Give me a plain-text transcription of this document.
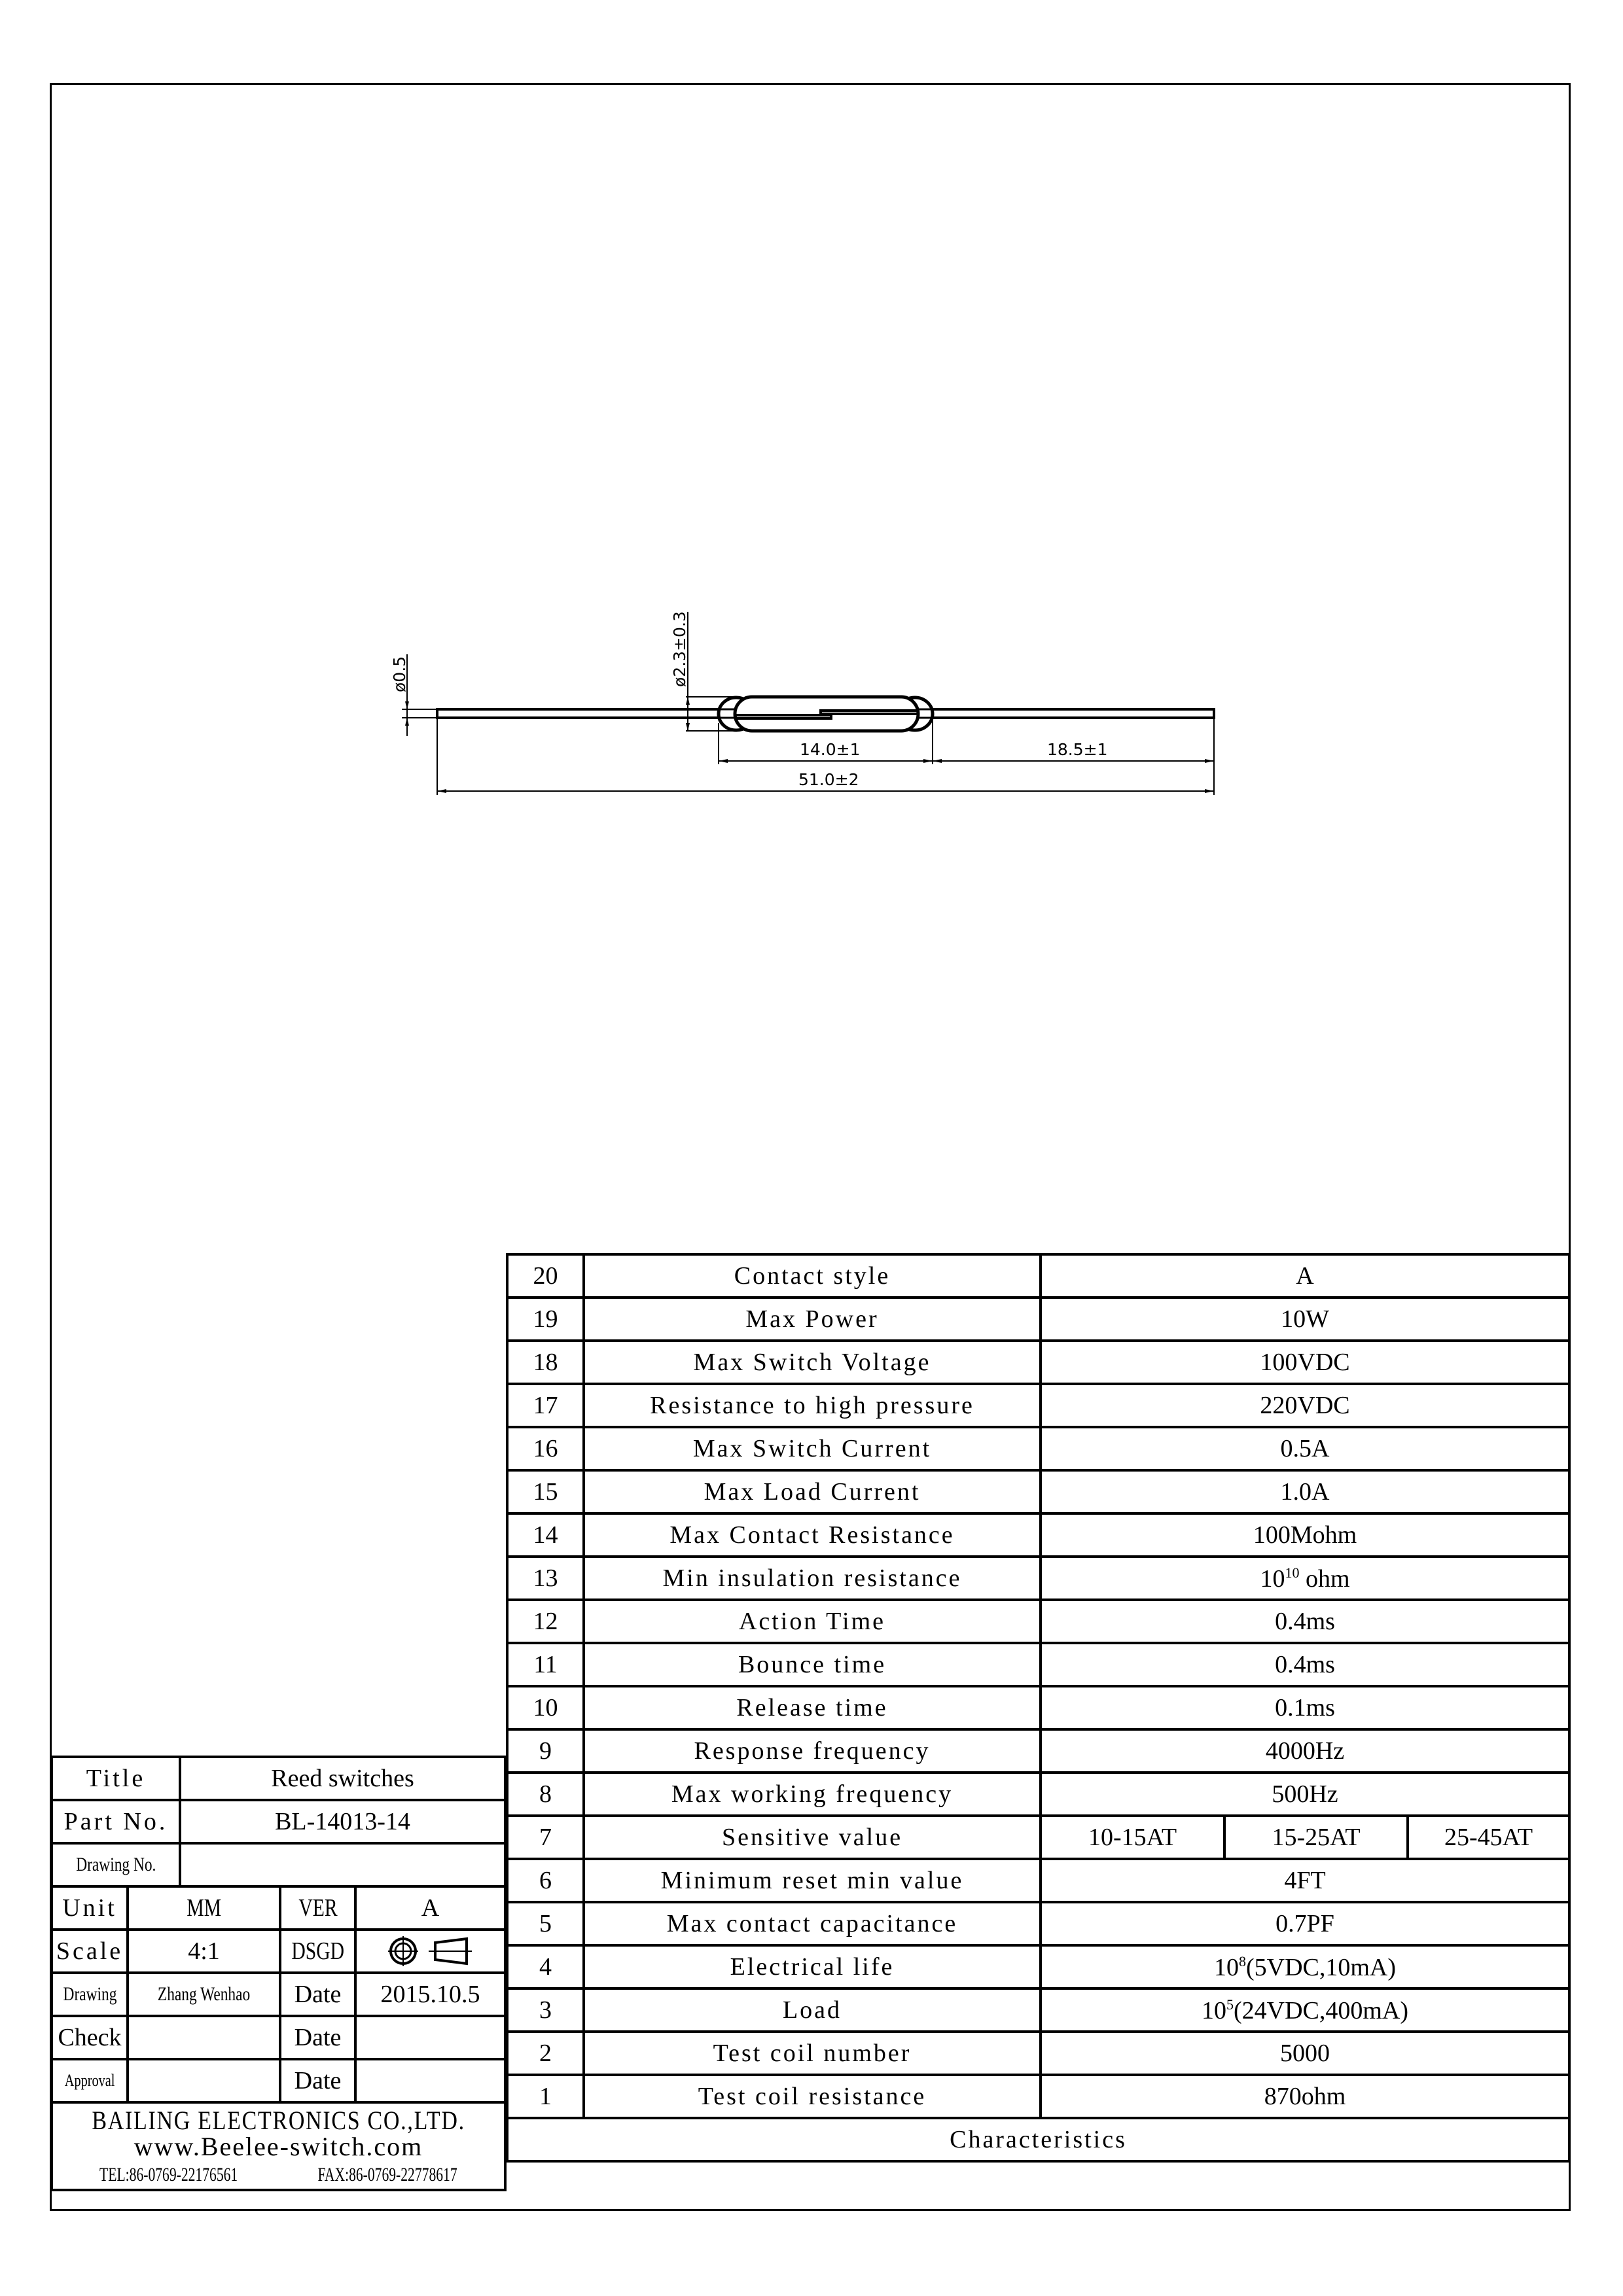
ø0.5	ø2.3±0.3
14.0±1	18.5±1
51.0±2
20	Contact style	A		
19	Max Power	10W		
18	Max Switch Voltage	100VDC		
17	Resistance to high pressure	220VDC		
16	Max Switch Current	0.5A		
15	Max Load Current	1.0A		
14	Max Contact Resistance	100Mohm		
13	Min insulation resistance	$10^{10}$ ohm		
12	Action Time	0.4ms		
11	Bounce time	0.4ms		
10	Release time	0.1ms		
9	Response frequency	4000Hz		
8	Max working frequency	500Hz		
7	Sensitive value	10-15AT	15-25AT	25-45AT
6	Minimum reset min value	4FT		
5	Max contact capacitance	0.7PF		
4	Electrical life	$10^8(5VDC,10mA)$		
3	Load	$10^5(24VDC,400mA)$		
2	Test coil number	5000		
1	Test coil resistance	870ohm		
Characteristics				
Title		Reed switches		
Part No.		BL-14013-14		
Drawing No.				
Unit	MM		VER	A
Scale	4:1		DSGD	
Drawing	Zhang Wenhao		Date	2015.10.5
Check			Date	
Approval			Date	

BAILING ELECTRONICS CO.,LTD.
www.Beelee-switch.com
TEL:86-0769-22176561 FAX:86-0769-22778617				
